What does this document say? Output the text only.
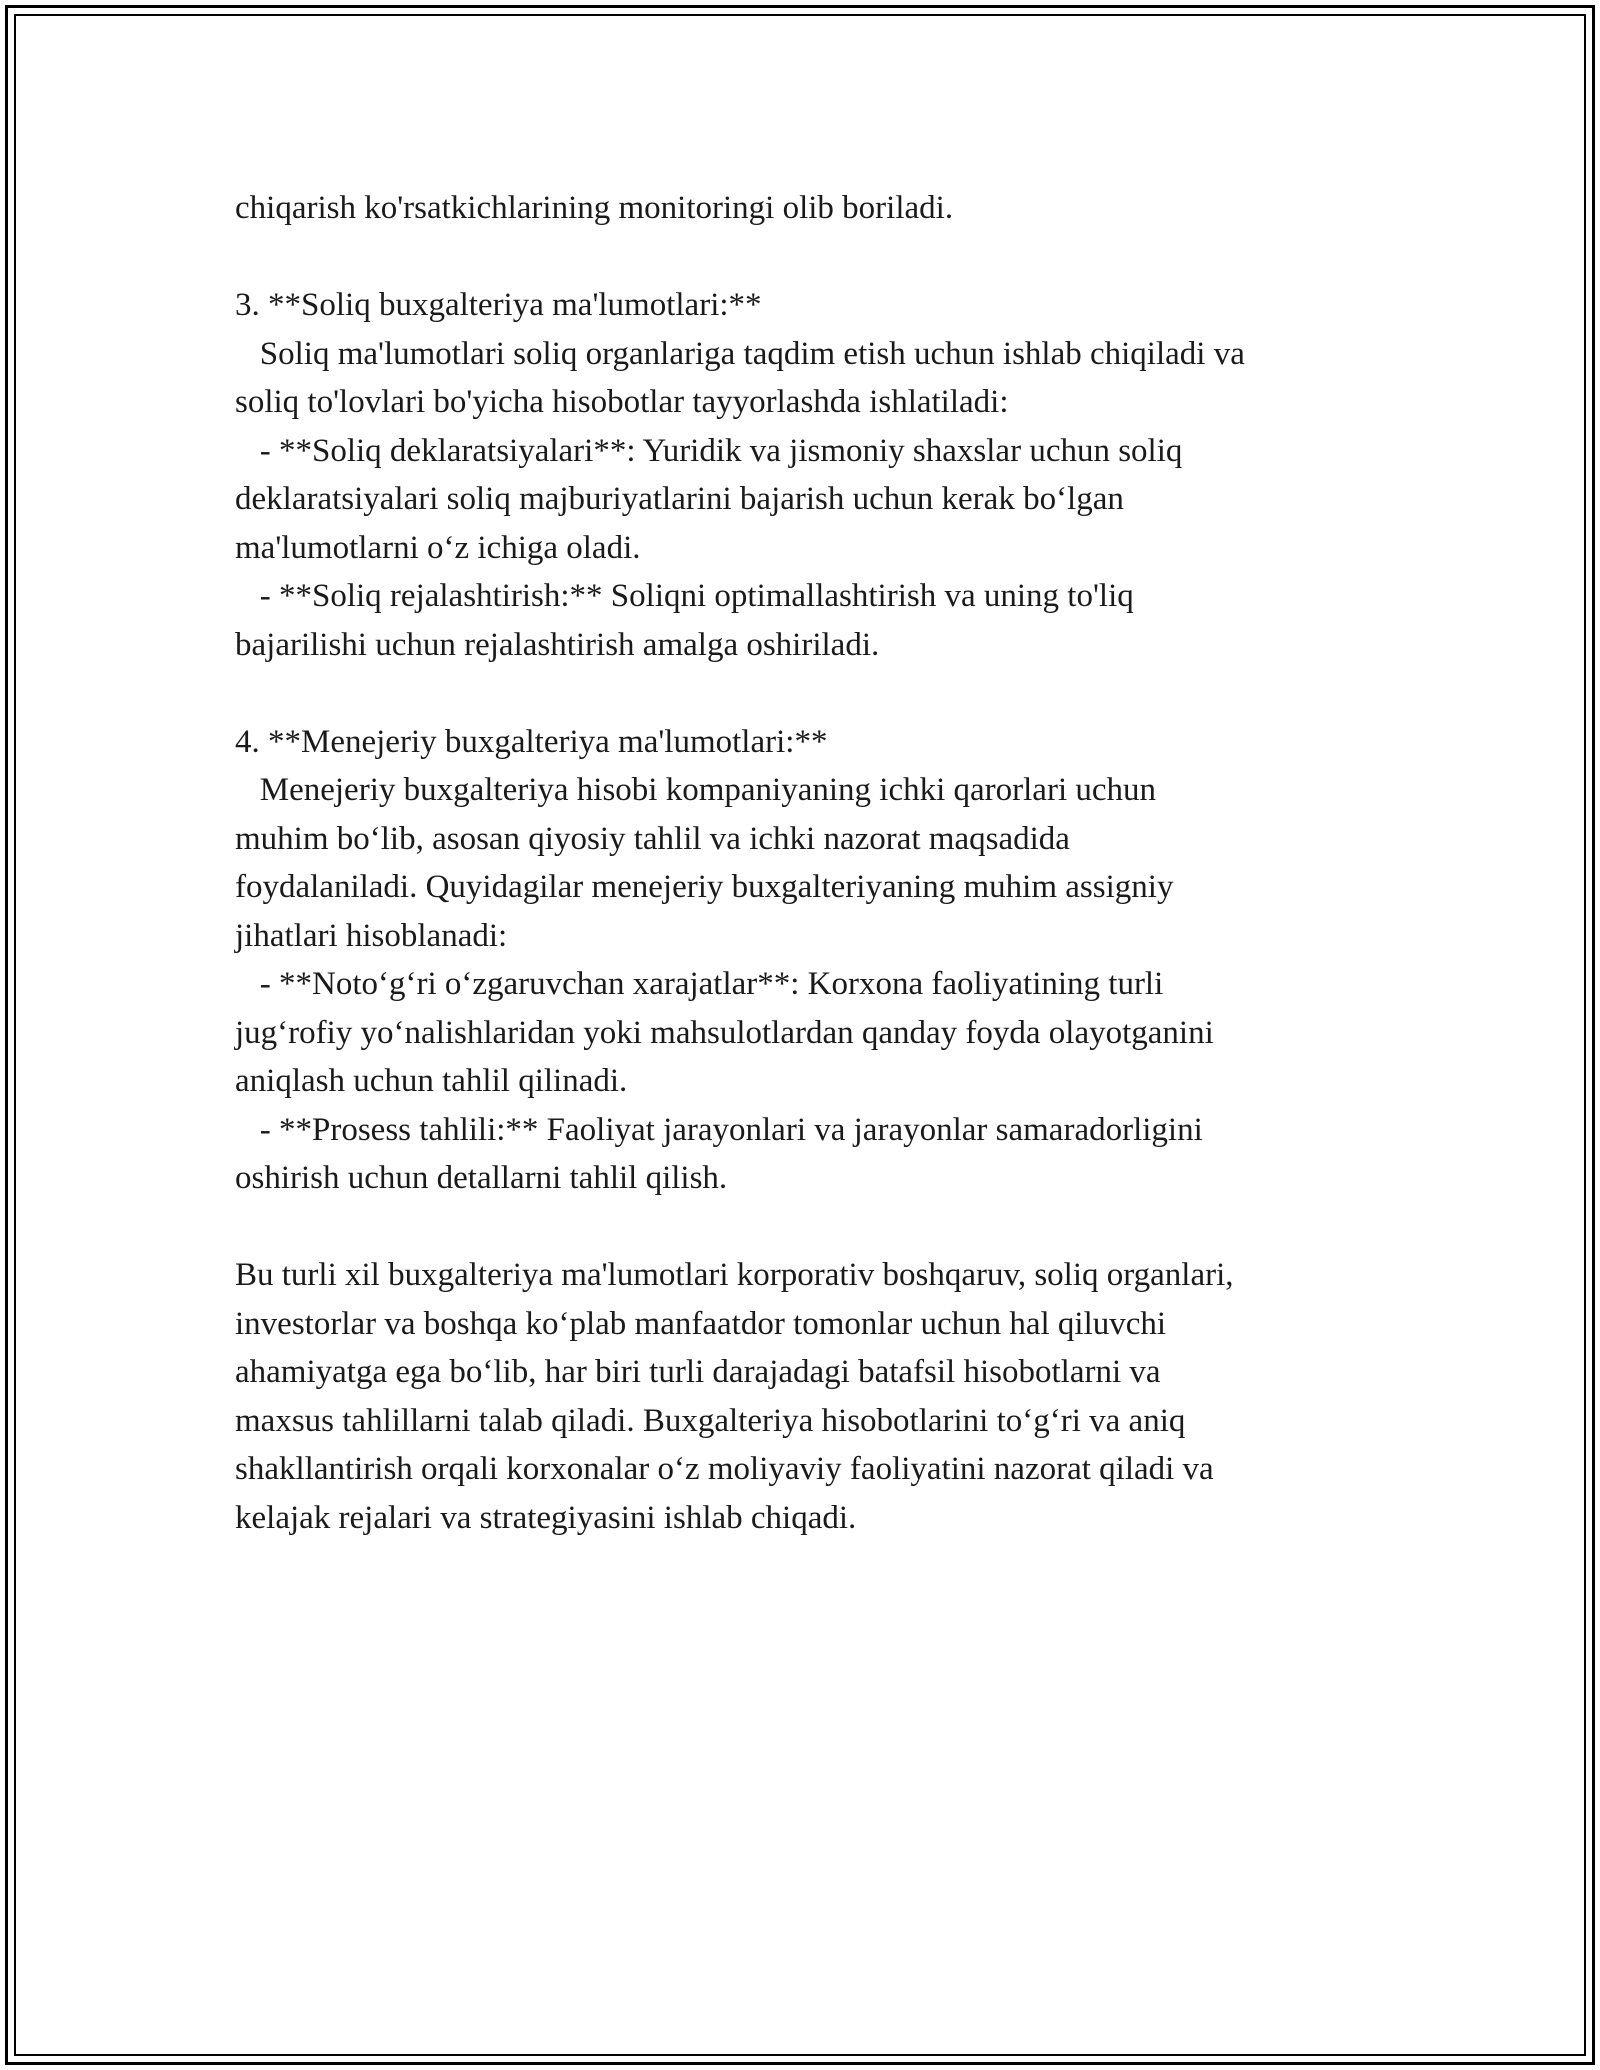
chiqarish ko'rsatkichlarining monitoringi olib boriladi.
3. **Soliq buxgalteriya ma'lumotlari:**
Soliq ma'lumotlari soliq organlariga taqdim etish uchun ishlab chiqiladi va
soliq to'lovlari bo'yicha hisobotlar tayyorlashda ishlatiladi:
- **Soliq deklaratsiyalari**: Yuridik va jismoniy shaxslar uchun soliq
deklaratsiyalari soliq majburiyatlarini bajarish uchun kerak bo‘lgan
ma'lumotlarni o‘z ichiga oladi.
- **Soliq rejalashtirish:** Soliqni optimallashtirish va uning to'liq
bajarilishi uchun rejalashtirish amalga oshiriladi.
4. **Menejeriy buxgalteriya ma'lumotlari:**
Menejeriy buxgalteriya hisobi kompaniyaning ichki qarorlari uchun
muhim bo‘lib, asosan qiyosiy tahlil va ichki nazorat maqsadida
foydalaniladi. Quyidagilar menejeriy buxgalteriyaning muhim assigniy
jihatlari hisoblanadi:
- **Noto‘g‘ri o‘zgaruvchan xarajatlar**: Korxona faoliyatining turli
jug‘rofiy yo‘nalishlaridan yoki mahsulotlardan qanday foyda olayotganini
aniqlash uchun tahlil qilinadi.
- **Prosess tahlili:** Faoliyat jarayonlari va jarayonlar samaradorligini
oshirish uchun detallarni tahlil qilish.
Bu turli xil buxgalteriya ma'lumotlari korporativ boshqaruv, soliq organlari,
investorlar va boshqa ko‘plab manfaatdor tomonlar uchun hal qiluvchi
ahamiyatga ega bo‘lib, har biri turli darajadagi batafsil hisobotlarni va
maxsus tahlillarni talab qiladi. Buxgalteriya hisobotlarini to‘g‘ri va aniq
shakllantirish orqali korxonalar o‘z moliyaviy faoliyatini nazorat qiladi va
kelajak rejalari va strategiyasini ishlab chiqadi.
